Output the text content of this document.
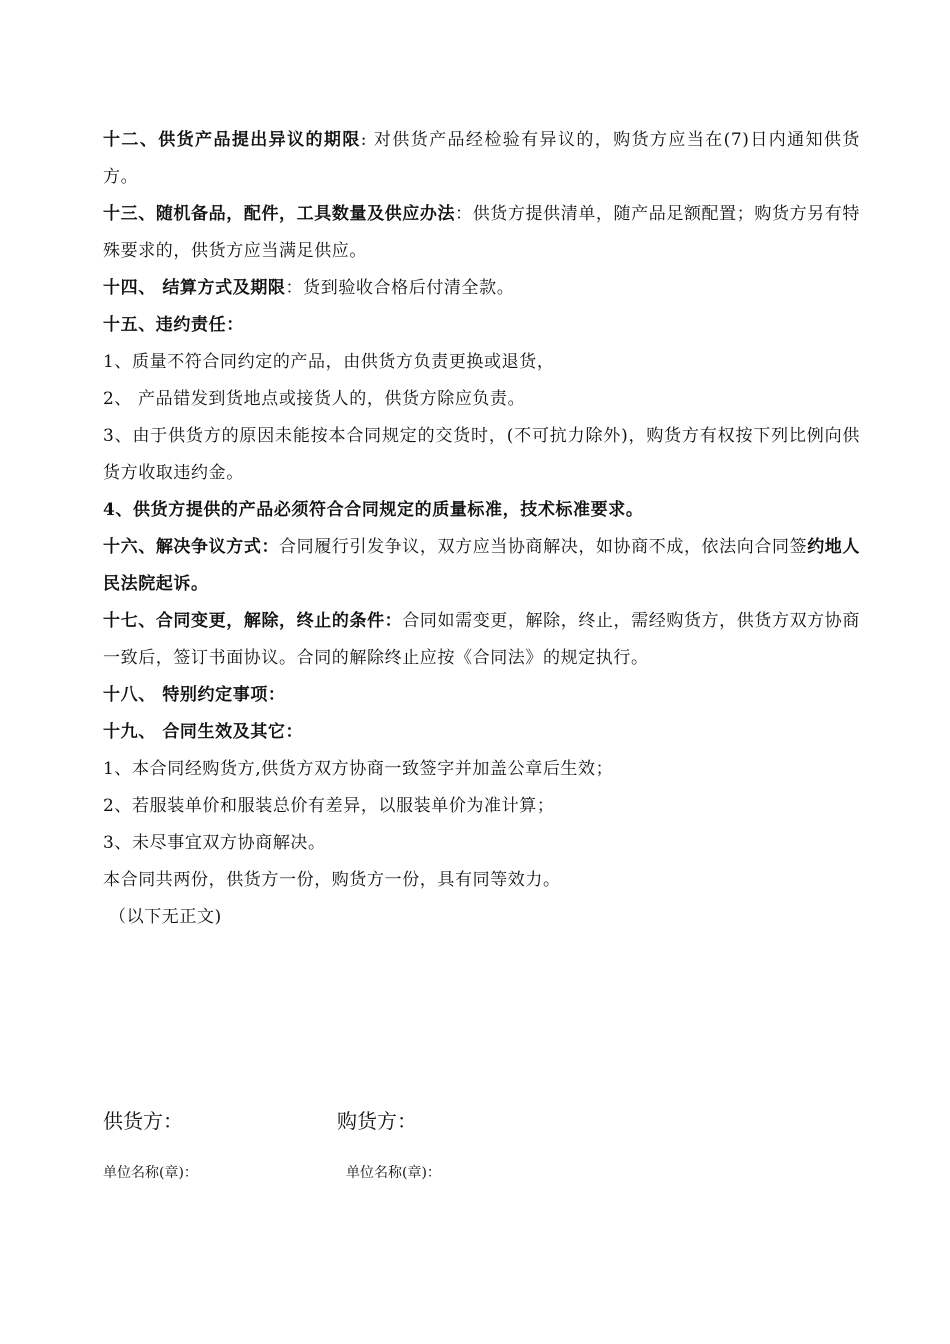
十二、供货产品提出异议的期限: 对供货产品经检验有异议的，购货方应当在(7)日内通知供货方。

十三、随机备品，配件，工具数量及供应办法：供货方提供清单，随产品足额配置；购货方另有特殊要求的，供货方应当满足供应。

十四、 结算方式及期限：货到验收合格后付清全款。

十五、违约责任：

1、质量不符合同约定的产品，由供货方负责更换或退货，

2、 产品错发到货地点或接货人的，供货方除应负责。

3、由于供货方的原因未能按本合同规定的交货时，(不可抗力除外)，购货方有权按下列比例向供货方收取违约金。

4、供货方提供的产品必须符合合同规定的质量标准，技术标准要求。

十六、解决争议方式：合同履行引发争议，双方应当协商解决，如协商不成，依法向合同签约地人民法院起诉。

十七、合同变更，解除，终止的条件：合同如需变更，解除，终止，需经购货方，供货方双方协商一致后，签订书面协议。合同的解除终止应按《合同法》的规定执行。

十八、 特别约定事项：

十九、 合同生效及其它：

1、本合同经购货方,供货方双方协商一致签字并加盖公章后生效；

2、若服装单价和服装总价有差异，以服装单价为准计算；

3、未尽事宜双方协商解决。

本合同共两份，供货方一份，购货方一份，具有同等效力。

（以下无正文)

供货方：	购货方：
单位名称(章)：	单位名称(章)：
